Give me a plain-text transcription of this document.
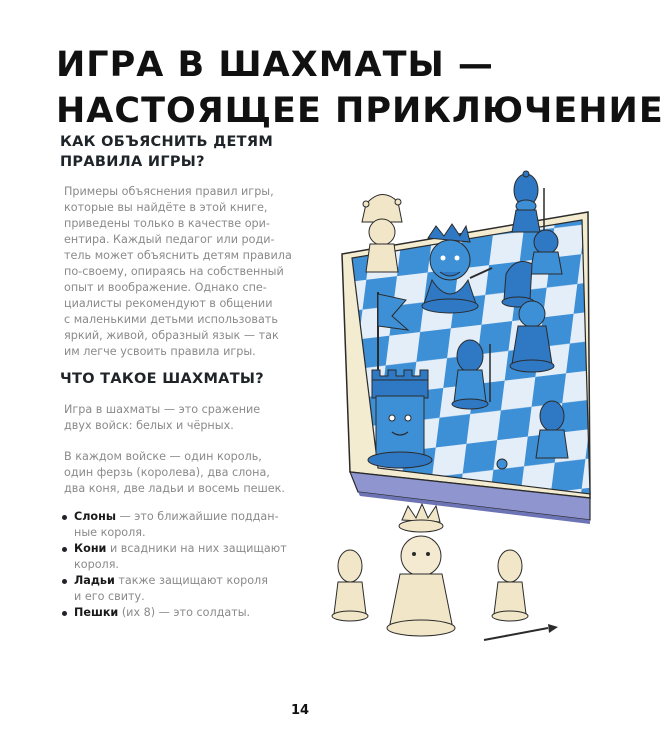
ИГРА В ШАХМАТЫ —
НАСТОЯЩЕЕ ПРИКЛЮЧЕНИЕ
КАК ОБЪЯСНИТЬ ДЕТЯМ
ПРАВИЛА ИГРЫ?

Примеры объяснения правил игры,
которые вы найдёте в этой книге,
приведены только в качестве ори-
ентира. Каждый педагог или роди-
тель может объяснить детям правила
по-своему, опираясь на собственный
опыт и воображение. Однако спе-
циалисты рекомендуют в общении
с маленькими детьми использовать
яркий, живой, образный язык — так
им легче усвоить правила игры.

ЧТО ТАКОЕ ШАХМАТЫ?

Игра в шахматы — это сражение
двух войск: белых и чёрных.

В каждом войске — один король,
один ферзь (королева), два слона,
два коня, две ладьи и восемь пешек.

Слоны — это ближайшие поддан-
ные короля.
Кони и всадники на них защищают
короля.
Ладьи также защищают короля
и его свиту.
Пешки (их 8) — это солдаты.
14
